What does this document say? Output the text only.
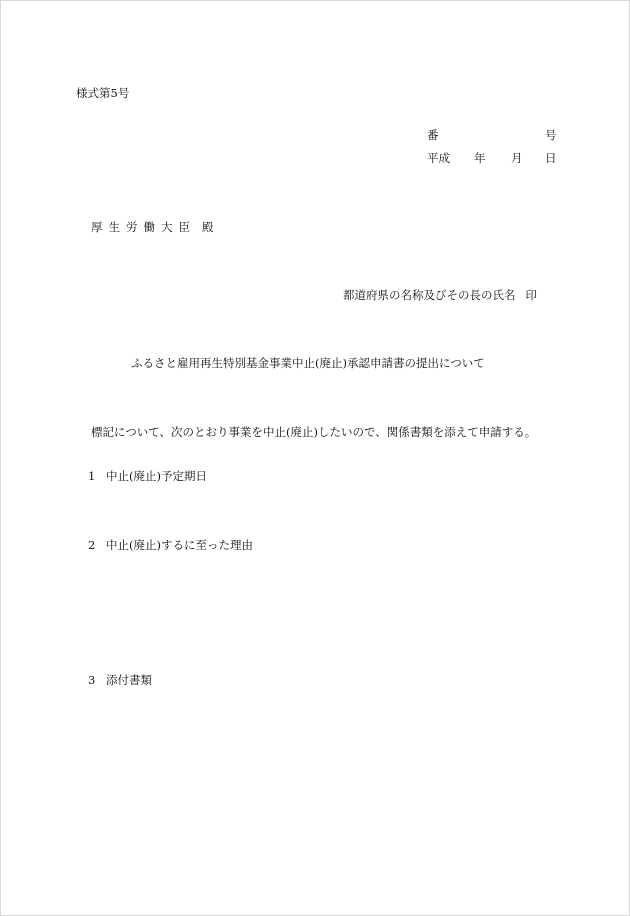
様式第5号
番	号
平成 年 月 日
厚生労働大臣 殿
都道府県の名称及びその長の氏名 印
ふるさと雇用再生特別基金事業中止(廃止)承認申請書の提出について
標記について、次のとおり事業を中止(廃止)したいので、関係書類を添えて申請する。
1 中止(廃止)予定期日
2 中止(廃止)するに至った理由
3 添付書類
